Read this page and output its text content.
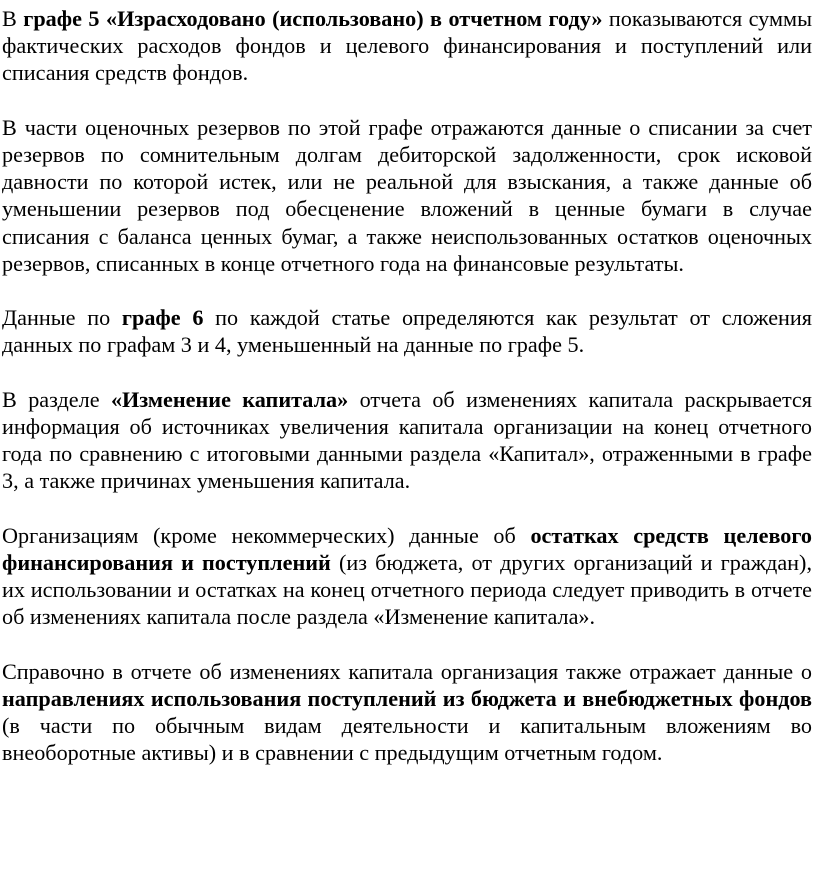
В графе 5 «Израсходовано (использовано) в отчетном году» показываются суммы фактических расходов фондов и целевого финансирования и поступлений или списания средств фондов.

В части оценочных резервов по этой графе отражаются данные о списании за счет резервов по сомнительным долгам дебиторской задолженности, срок исковой давности по которой истек, или не реальной для взыскания, а также данные об уменьшении резервов под обесценение вложений в ценные бумаги в случае списания с баланса ценных бумаг, а также неиспользованных остатков оценочных резервов, списанных в конце отчетного года на финансовые результаты.

Данные по графе 6 по каждой статье определяются как результат от сложения данных по графам 3 и 4, уменьшенный на данные по графе 5.

В разделе «Изменение капитала» отчета об изменениях капитала раскрывается информация об источниках увеличения капитала организации на конец отчетного года по сравнению с итоговыми данными раздела «Капитал», отраженными в графе 3, а также причинах уменьшения капитала.

Организациям (кроме некоммерческих) данные об остатках средств целевого финансирования и поступлений (из бюджета, от других организаций и граждан), их использовании и остатках на конец отчетного периода следует приводить в отчете об изменениях капитала после раздела «Изменение капитала».

Справочно в отчете об изменениях капитала организация также отражает данные о направлениях использования поступлений из бюджета и внебюджетных фондов (в части по обычным видам деятельности и капитальным вложениям во внеоборотные активы) и в сравнении с предыдущим отчетным годом.
